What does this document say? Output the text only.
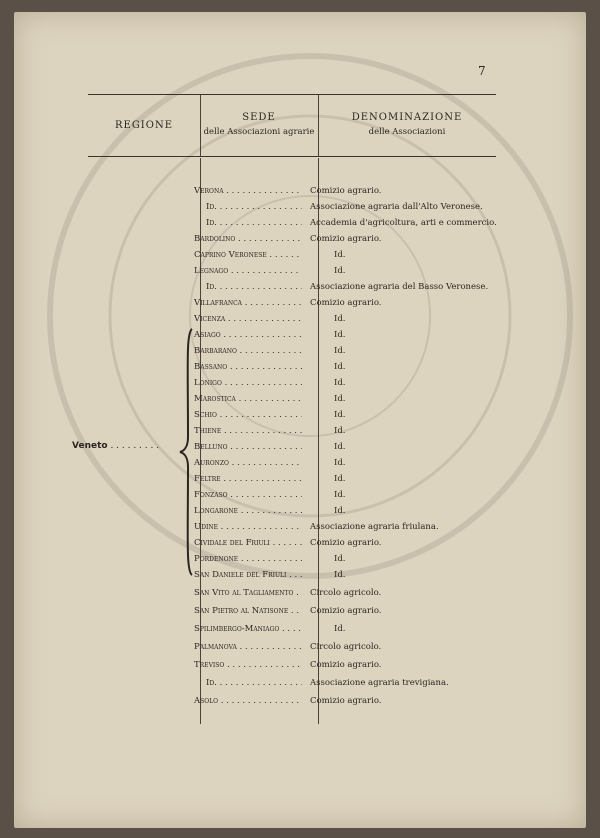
7
REGIONE
SEDE
delle Associazioni agrarie
DENOMINAZIONE
delle Associazioni
Veneto . . . . . . . . .
Verona . . .	Comizio agrario.
Id. . . .	Associazione agraria dall'Alto Veronese.
Id. . . .	Accademia d'agricoltura, arti e commercio.
Bardolino . . .	Comizio agrario.
Caprino Veronese . . .	Id.
Legnago . . .	Id.
Id. . . .	Associazione agraria del Basso Veronese.
Villafranca . . .	Comizio agrario.
Vicenza . . .	Id.
Asiago . . .	Id.
Barbarano . . .	Id.
Bassano . . .	Id.
Lonigo . . .	Id.
Marostica . . .	Id.
Schio . . .	Id.
Thiene . . .	Id.
Belluno . . .	Id.
Auronzo . . .	Id.
Feltre . . .	Id.
Fonzaso . . .	Id.
Longarone . . .	Id.
Udine . . .	Associazione agraria friulana.
Cividale del Friuli . . .	Comizio agrario.
Pordenone . . .	Id.
San Daniele del Friuli . . .	Id.
San Vito al Tagliamento . . .	Circolo agricolo.
San Pietro al Natisone . . .	Comizio agrario.
Spilimbergo-Maniago . . .	Id.
Palmanova . . .	Circolo agricolo.
Treviso . . .	Comizio agrario.
Id. . . .	Associazione agraria trevigiana.
Asolo . . .	Comizio agrario.
